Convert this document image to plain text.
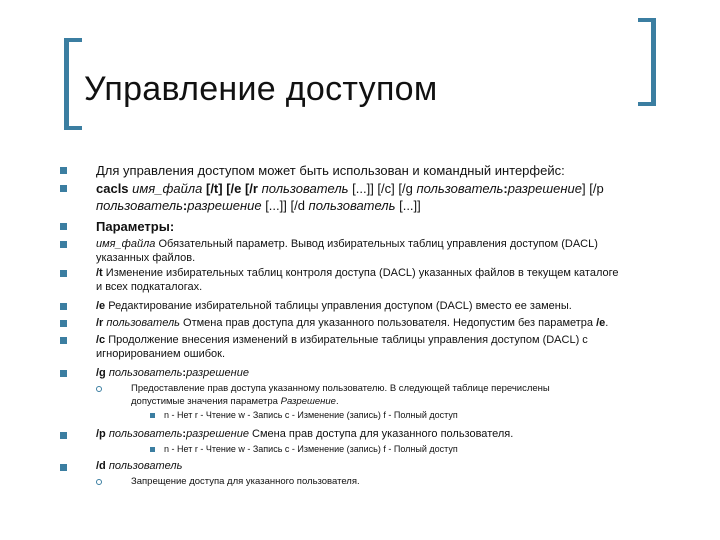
Управление доступом
Для управления доступом может быть использован и командный интерфейс:
cacls имя_файла [/t] [/e [/r пользователь [...]] [/c] [/g пользователь:разрешение] [/p
пользователь:разрешение [...]] [/d пользователь [...]]
Параметры:
имя_файла Обязательный параметр. Вывод избирательных таблиц управления доступом (DACL)
указанных файлов.
/t Изменение избирательных таблиц контроля доступа (DACL) указанных файлов в текущем каталоге
и всех подкаталогах.
/e Редактирование избирательной таблицы управления доступом (DACL) вместо ее замены.
/r пользователь Отмена прав доступа для указанного пользователя. Недопустим без параметра /e.
/c Продолжение внесения изменений в избирательные таблицы управления доступом (DACL) с
игнорированием ошибок.
/g пользователь:разрешение
Предоставление прав доступа указанному пользователю. В следующей таблице перечислены
допустимые значения параметра Разрешение.
n - Нет r - Чтение w - Запись c - Изменение (запись) f - Полный доступ
/p пользователь:разрешение Смена прав доступа для указанного пользователя.
n - Нет r - Чтение w - Запись c - Изменение (запись) f - Полный доступ
/d пользователь
Запрещение доступа для указанного пользователя.
